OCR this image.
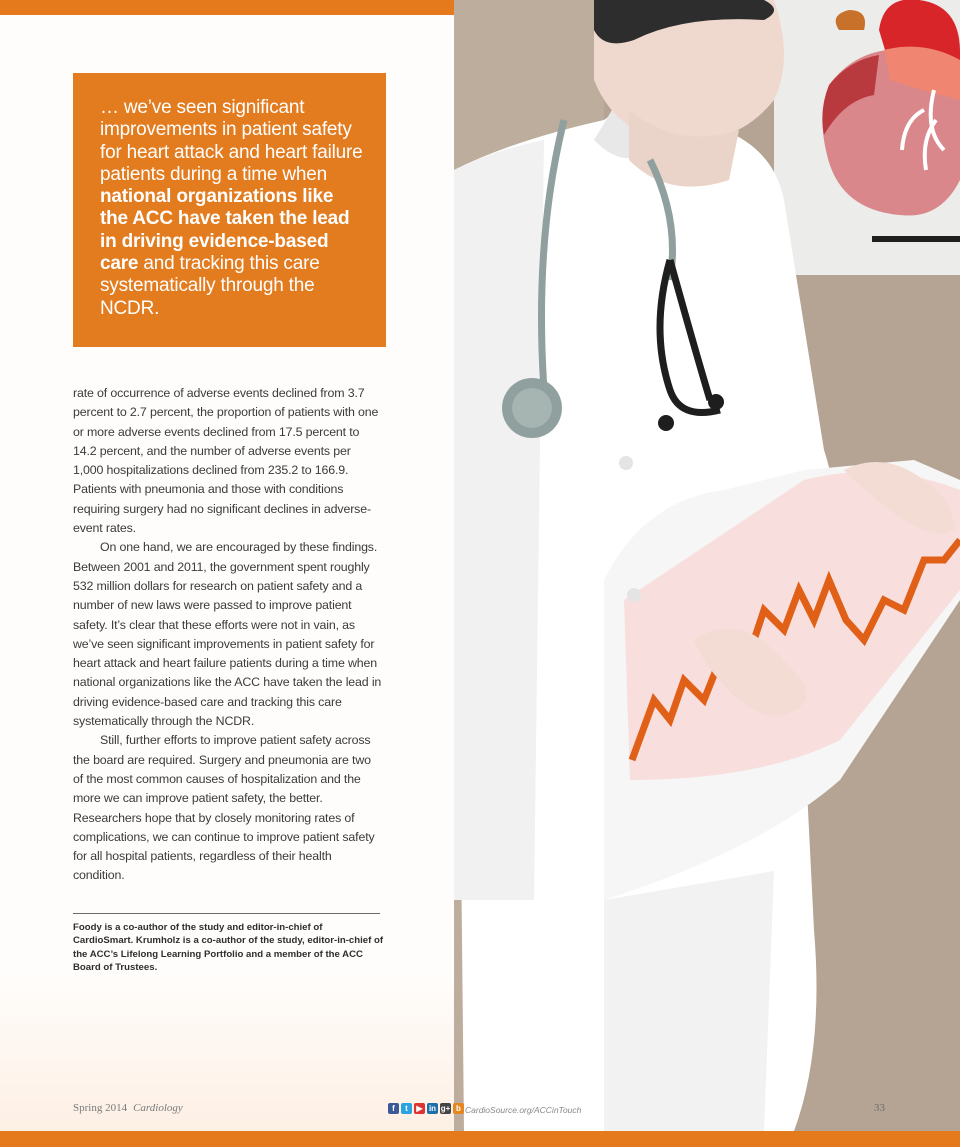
… we’ve seen significant improvements in patient safety for heart attack and heart failure patients during a time when national organizations like the ACC have taken the lead in driving evidence-based care and tracking this care systematically through the NCDR.

rate of occurrence of adverse events declined from 3.7 percent to 2.7 percent, the proportion of patients with one or more adverse events declined from 17.5 percent to 14.2 percent, and the number of adverse events per 1,000 hospitalizations declined from 235.2 to 166.9. Patients with pneumonia and those with conditions requiring surgery had no significant declines in adverse-event rates.

On one hand, we are encouraged by these findings. Between 2001 and 2011, the government spent roughly 532 million dollars for research on patient safety and a number of new laws were passed to improve patient safety. It’s clear that these efforts were not in vain, as we’ve seen significant improvements in patient safety for heart attack and heart failure patients during a time when national organizations like the ACC have taken the lead in driving evidence-based care and tracking this care systematically through the NCDR.

Still, further efforts to improve patient safety across the board are required. Surgery and pneumonia are two of the most common causes of hospitalization and the more we can improve patient safety, the better. Researchers hope that by closely monitoring rates of complications, we can continue to improve patient safety for all hospital patients, regardless of their health condition.

Foody is a co-author of the study and editor-in-chief of CardioSmart. Krumholz is a co-author of the study, editor-in-chief of the ACC’s Lifelong Learning Portfolio and a member of the ACC Board of Trustees.
Spring 2014 Cardiology	f	t	▶ in g+ b CardioSource.org/ACCinTouch	33
